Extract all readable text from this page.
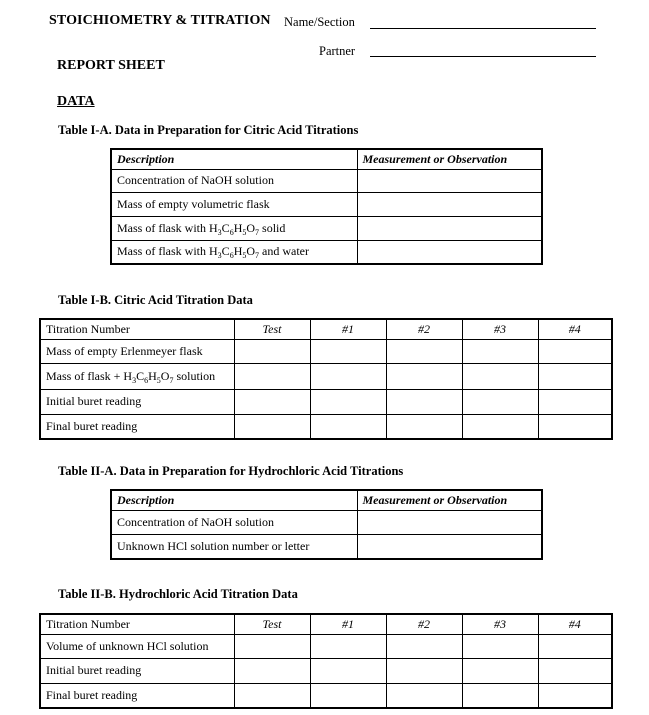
STOICHIOMETRY & TITRATION Name/Section
Partner
REPORT SHEET
DATA
Table I-A. Data in Preparation for Citric Acid Titrations
Description	Measurement or Observation
Concentration of NaOH solution	
Mass of empty volumetric flask	
Mass of flask with $H_3C_6H_5O_7$ solid	
Mass of flask with $H_3C_6H_5O_7$ and water	
Table I-B. Citric Acid Titration Data
Titration Number	Test	#1	#2	#3	#4
Mass of empty Erlenmeyer flask					
Mass of flask + $H_3C_6H_5O_7$ solution					
Initial buret reading					
Final buret reading					
Table II-A. Data in Preparation for Hydrochloric Acid Titrations
Description	Measurement or Observation
Concentration of NaOH solution	
Unknown HCl solution number or letter	
Table II-B. Hydrochloric Acid Titration Data
Titration Number	Test	#1	#2	#3	#4
Volume of unknown HCl solution					
Initial buret reading					
Final buret reading					
